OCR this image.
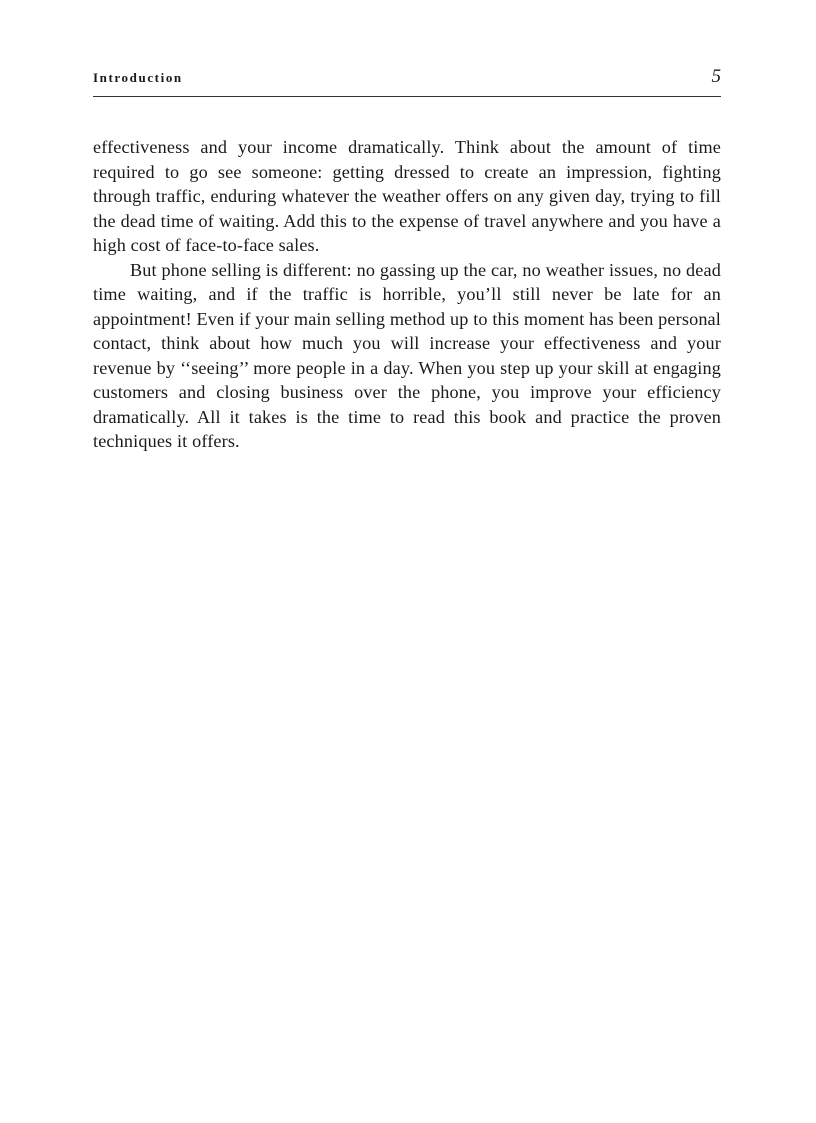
Introduction	5

effectiveness and your income dramatically. Think about the amount of time required to go see someone: getting dressed to create an impression, fighting through traffic, enduring whatever the weather offers on any given day, trying to fill the dead time of waiting. Add this to the expense of travel anywhere and you have a high cost of face-to-face sales.

But phone selling is different: no gassing up the car, no weather issues, no dead time waiting, and if the traffic is horrible, you’ll still never be late for an appointment! Even if your main selling method up to this moment has been personal contact, think about how much you will increase your effectiveness and your revenue by ‘‘seeing’’ more people in a day. When you step up your skill at engaging customers and closing business over the phone, you improve your efficiency dramatically. All it takes is the time to read this book and practice the proven techniques it offers.
